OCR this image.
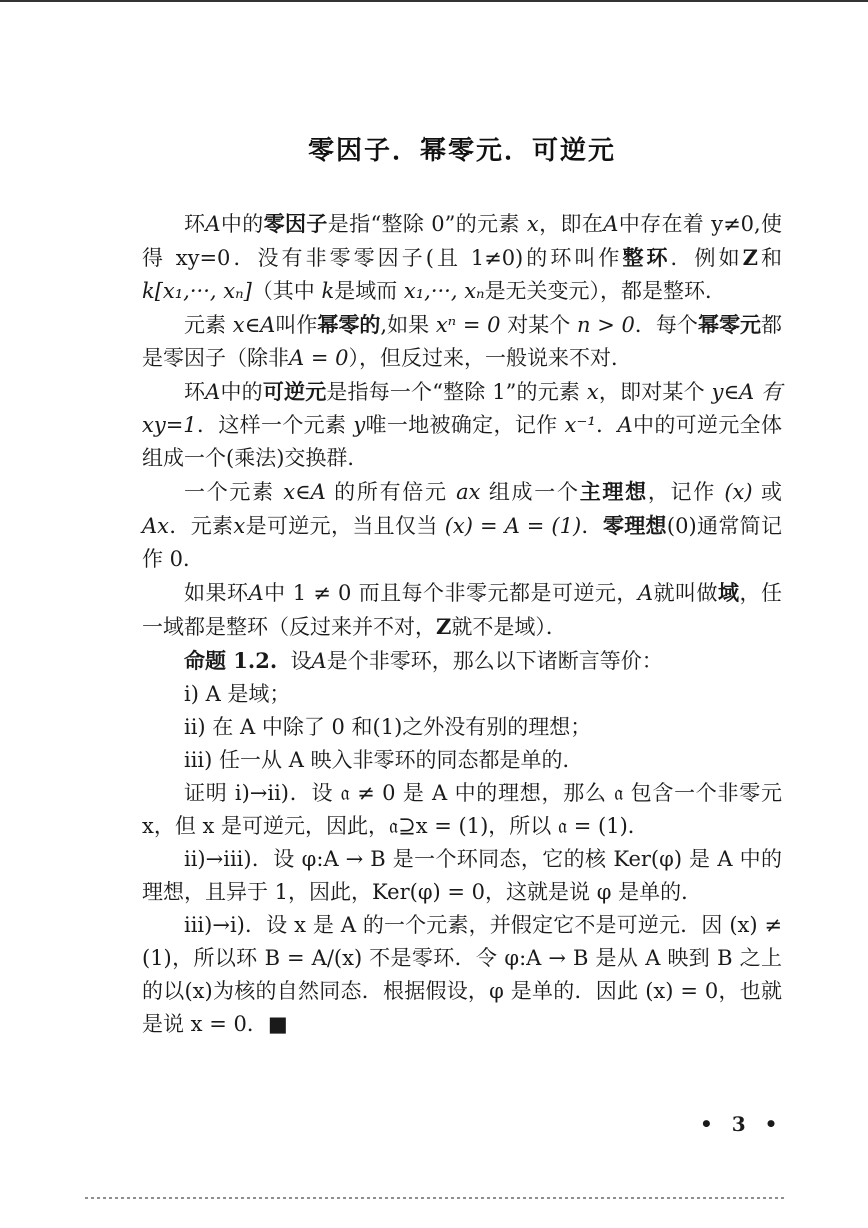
零因子．幂零元．可逆元

环A中的零因子是指“整除 0”的元素 x，即在A中存在着 y≠0,使得 xy=0．没有非零零因子(且 1≠0)的环叫作整环．例如Z和 k[x₁,···, xₙ]（其中 k是域而 x₁,···, xₙ是无关变元），都是整环．

元素 x∈A叫作幂零的,如果 xⁿ = 0 对某个 n > 0．每个幂零元都是零因子（除非A = 0），但反过来，一般说来不对．

环A中的可逆元是指每一个“整除 1”的元素 x，即对某个 y∈A 有 xy=1．这样一个元素 y唯一地被确定，记作 x⁻¹．A中的可逆元全体组成一个(乘法)交换群．

一个元素 x∈A 的所有倍元 ax 组成一个主理想，记作 (x) 或 Ax．元素x是可逆元，当且仅当 (x) = A = (1)．零理想(0)通常简记作 0．

如果环A中 1 ≠ 0 而且每个非零元都是可逆元，A就叫做域，任一域都是整环（反过来并不对，Z就不是域）．

命题 1.2. 设A是个非零环，那么以下诸断言等价：

i) A 是域；

ii) 在 A 中除了 0 和(1)之外没有别的理想；

iii) 任一从 A 映入非零环的同态都是单的．

证明 i)→ii)．设 𝔞 ≠ 0 是 A 中的理想，那么 𝔞 包含一个非零元 x，但 x 是可逆元，因此，𝔞⊇x = (1)，所以 𝔞 = (1)．

ii)→iii)．设 φ:A → B 是一个环同态，它的核 Ker(φ) 是 A 中的理想，且异于 1，因此，Ker(φ) = 0，这就是说 φ 是单的．

iii)→i)．设 x 是 A 的一个元素，并假定它不是可逆元．因 (x) ≠ (1)，所以环 B = A/(x) 不是零环．令 φ:A → B 是从 A 映到 B 之上的以(x)为核的自然同态．根据假设，φ 是单的．因此 (x) = 0，也就是说 x = 0．■

• 3 •
